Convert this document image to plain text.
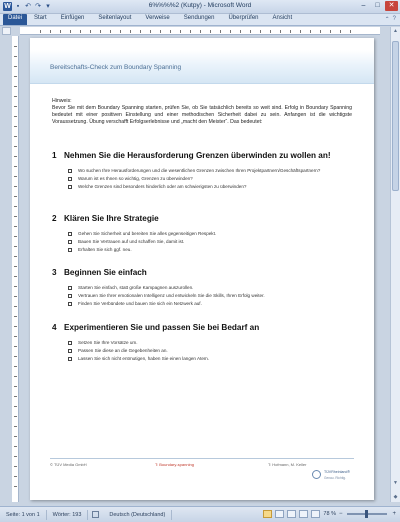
W ▪ ↶ ↷ ▾	6%%%%2 (Kutpy) - Microsoft Word	–	□	✕
Datei	Start	Einfügen	Seitenlayout	Verweise	Sendungen	Überprüfen	Ansicht	⌃ ?
▲
▼
◆
Bereitschafts-Check zum Boundary Spanning
Hinweis:
Bevor Sie mit dem Boundary Spanning starten, prüfen Sie, ob Sie tatsächlich bereits so weit sind. Erfolg in Boundary Spanning bedeutet mit einer positiven Einstellung und einer methodischen Sicherheit dabei zu sein. Anfangen ist die wichtigste Voraussetzung. Übung verschafft Erfolgserlebnisse und „macht den Meister“. Das bedeutet:
1 Nehmen Sie die Herausforderung Grenzen überwinden zu wollen an!
Wo suchen Ihre Herausforderungen und die wesentlichen Grenzen zwischen Ihren Projektpartnern/Geschäftspartnern?
Warum ist es Ihnen so wichtig, Grenzen zu überwinden?
Welche Grenzen sind besonders hinderlich oder am schwierigsten zu überwinden?
2 Klären Sie Ihre Strategie
Gehen Sie Sicherheit und bereiten Sie alles gegenseitigen Respekt.
Bauen Sie Vertrauen auf und schaffen Sie, damit ist.
Erhalten Sie sich ggf. neu.
3 Beginnen Sie einfach
Starten Sie einfach, statt große Kampagnen auszurollen.
Vertrauen Sie Ihrer emotionalen Intelligenz und entwickeln Sie die Skills, Ihren Erfolg weiter.
Finden Sie Verbündete und bauen Sie sich ein Netzwerk auf.
4 Experimentieren Sie und passen Sie bei Bedarf an
Setzen Sie Ihre Vorsätze um.
Passen Sie diese an die Gegebenheiten an.
Lassen Sie sich nicht entmutigen, haben Sie einen langen Atem.
© TÜV Media GmbH	T: Boundary-spanning	T: Hofmann, M. Keller
TÜVRheinland®
Genau. Richtig.
Seite: 1 von 1	Wörter: 193	Deutsch (Deutschland)	78 % −	+
